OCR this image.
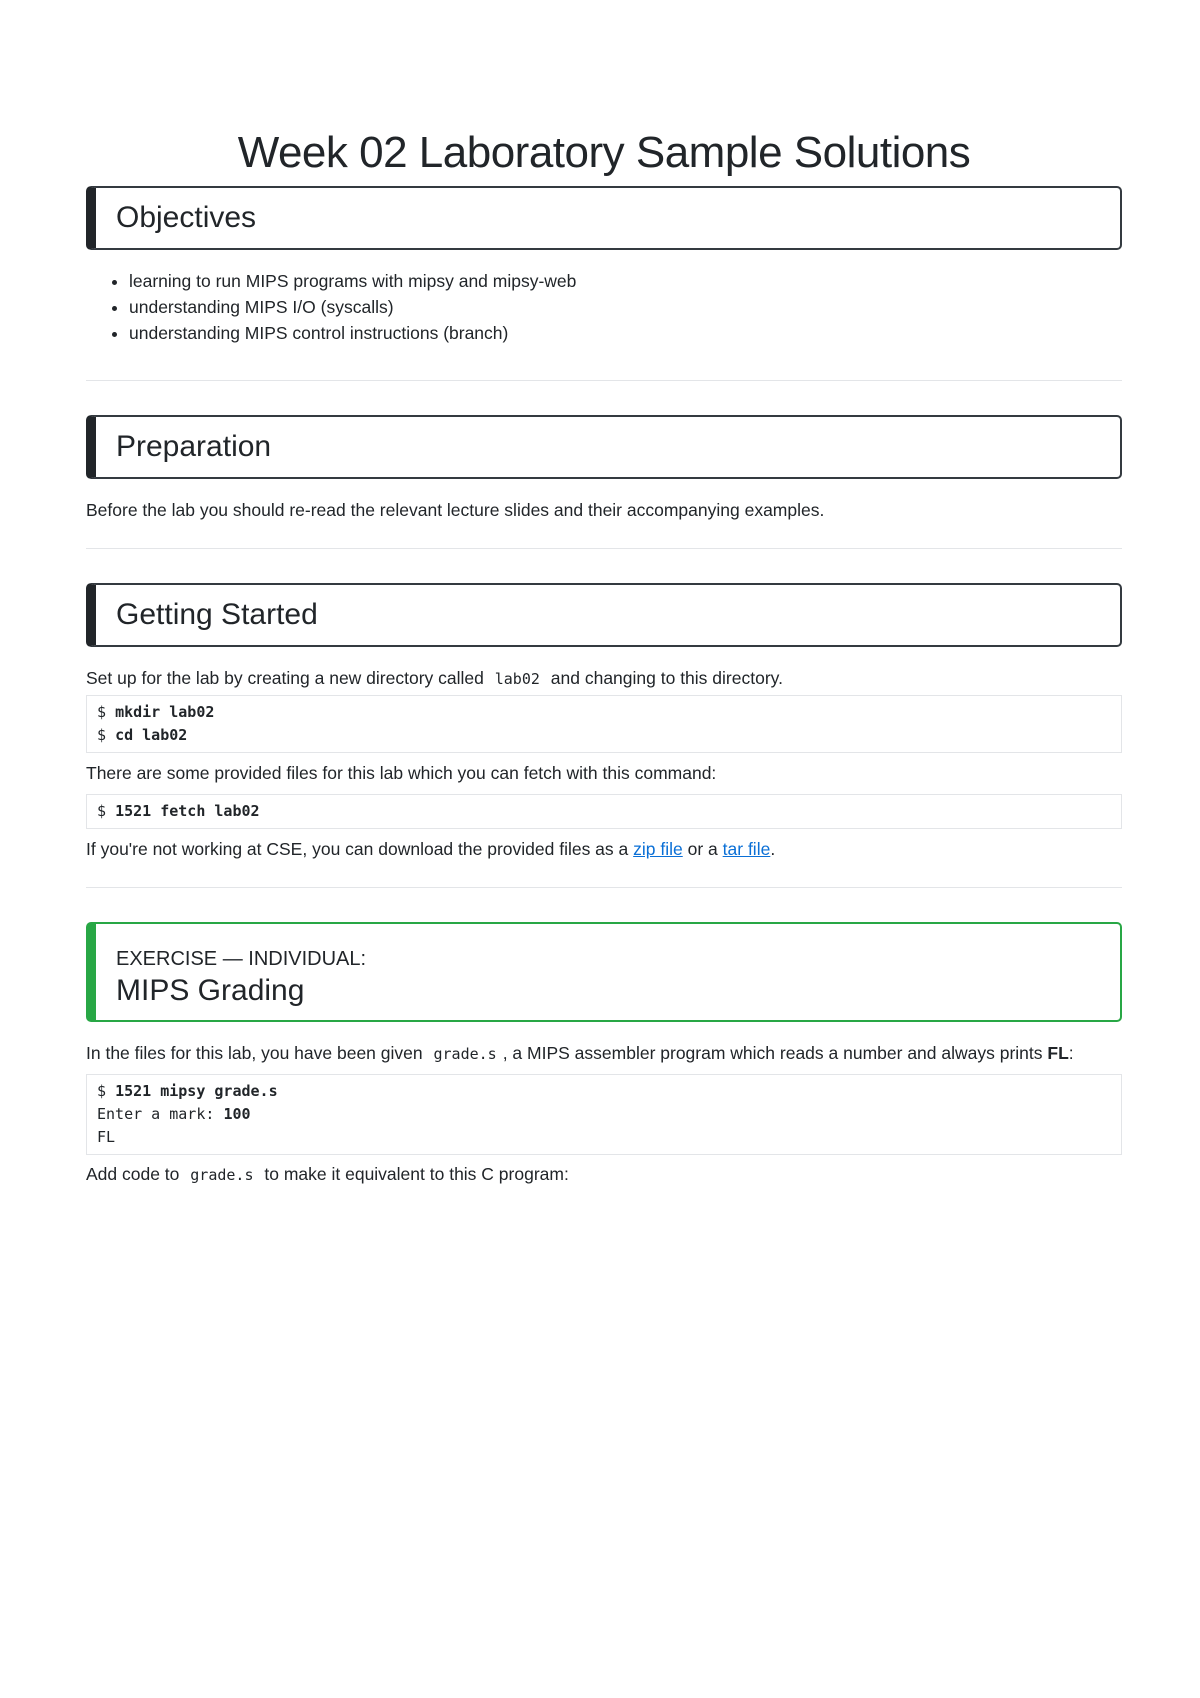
Week 02 Laboratory Sample Solutions
Objectives
• learning to run MIPS programs with mipsy and mipsy-web
• understanding MIPS I/O (syscalls)
• understanding MIPS control instructions (branch)
Preparation

Before the lab you should re-read the relevant lecture slides and their accompanying examples.

Getting Started

Set up for the lab by creating a new directory called lab02 and changing to this directory.

$ mkdir lab02
$ cd lab02

There are some provided files for this lab which you can fetch with this command:

$ 1521 fetch lab02

If you're not working at CSE, you can download the provided files as a zip file or a tar file.

EXERCISE — INDIVIDUAL:
MIPS Grading

In the files for this lab, you have been given grade.s , a MIPS assembler program which reads a number and always prints FL:

$ 1521 mipsy grade.s
Enter a mark: 100
FL

Add code to grade.s to make it equivalent to this C program:
